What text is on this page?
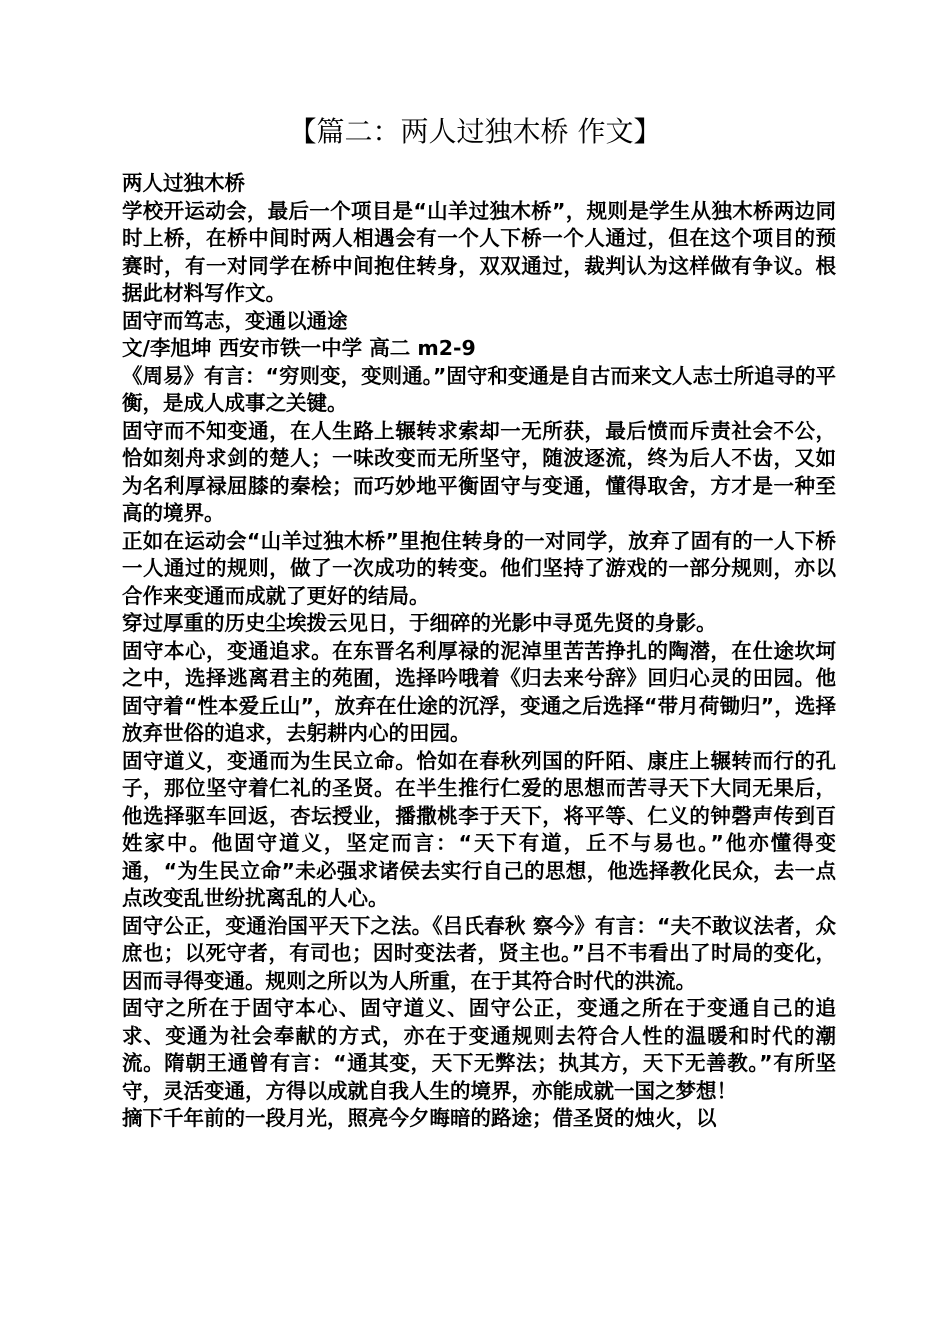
【篇二：两人过独木桥 作文】

两人过独木桥

学校开运动会，最后一个项目是“山羊过独木桥”，规则是学生从独木桥两边同时上桥，在桥中间时两人相遇会有一个人下桥一个人通过，但在这个项目的预赛时，有一对同学在桥中间抱住转身，双双通过，裁判认为这样做有争议。根据此材料写作文。

固守而笃志，变通以通途

文/李旭坤 西安市铁一中学 高二 m2-9

《周易》有言：“穷则变，变则通。”固守和变通是自古而来文人志士所追寻的平衡，是成人成事之关键。

固守而不知变通，在人生路上辗转求索却一无所获，最后愤而斥责社会不公，恰如刻舟求剑的楚人；一味改变而无所坚守，随波逐流，终为后人不齿，又如为名利厚禄屈膝的秦桧；而巧妙地平衡固守与变通，懂得取舍，方才是一种至高的境界。

正如在运动会“山羊过独木桥”里抱住转身的一对同学，放弃了固有的一人下桥一人通过的规则，做了一次成功的转变。他们坚持了游戏的一部分规则，亦以合作来变通而成就了更好的结局。

穿过厚重的历史尘埃拨云见日，于细碎的光影中寻觅先贤的身影。

固守本心，变通追求。在东晋名利厚禄的泥淖里苦苦挣扎的陶潜，在仕途坎坷之中，选择逃离君主的苑囿，选择吟哦着《归去来兮辞》回归心灵的田园。他固守着“性本爱丘山”，放弃在仕途的沉浮，变通之后选择“带月荷锄归”，选择放弃世俗的追求，去躬耕内心的田园。

固守道义，变通而为生民立命。恰如在春秋列国的阡陌、康庄上辗转而行的孔子，那位坚守着仁礼的圣贤。在半生推行仁爱的思想而苦寻天下大同无果后，他选择驱车回返，杏坛授业，播撒桃李于天下，将平等、仁义的钟磬声传到百姓家中。他固守道义，坚定而言：“天下有道，丘不与易也。”他亦懂得变通，“为生民立命”未必强求诸侯去实行自己的思想，他选择教化民众，去一点点改变乱世纷扰离乱的人心。

固守公正，变通治国平天下之法。《吕氏春秋 察今》有言：“夫不敢议法者，众庶也；以死守者，有司也；因时变法者，贤主也。”吕不韦看出了时局的变化，因而寻得变通。规则之所以为人所重，在于其符合时代的洪流。

固守之所在于固守本心、固守道义、固守公正，变通之所在于变通自己的追求、变通为社会奉献的方式，亦在于变通规则去符合人性的温暖和时代的潮流。隋朝王通曾有言：“通其变，天下无弊法；执其方，天下无善教。”有所坚守，灵活变通，方得以成就自我人生的境界，亦能成就一国之梦想！

摘下千年前的一段月光，照亮今夕晦暗的路途；借圣贤的烛火，以
